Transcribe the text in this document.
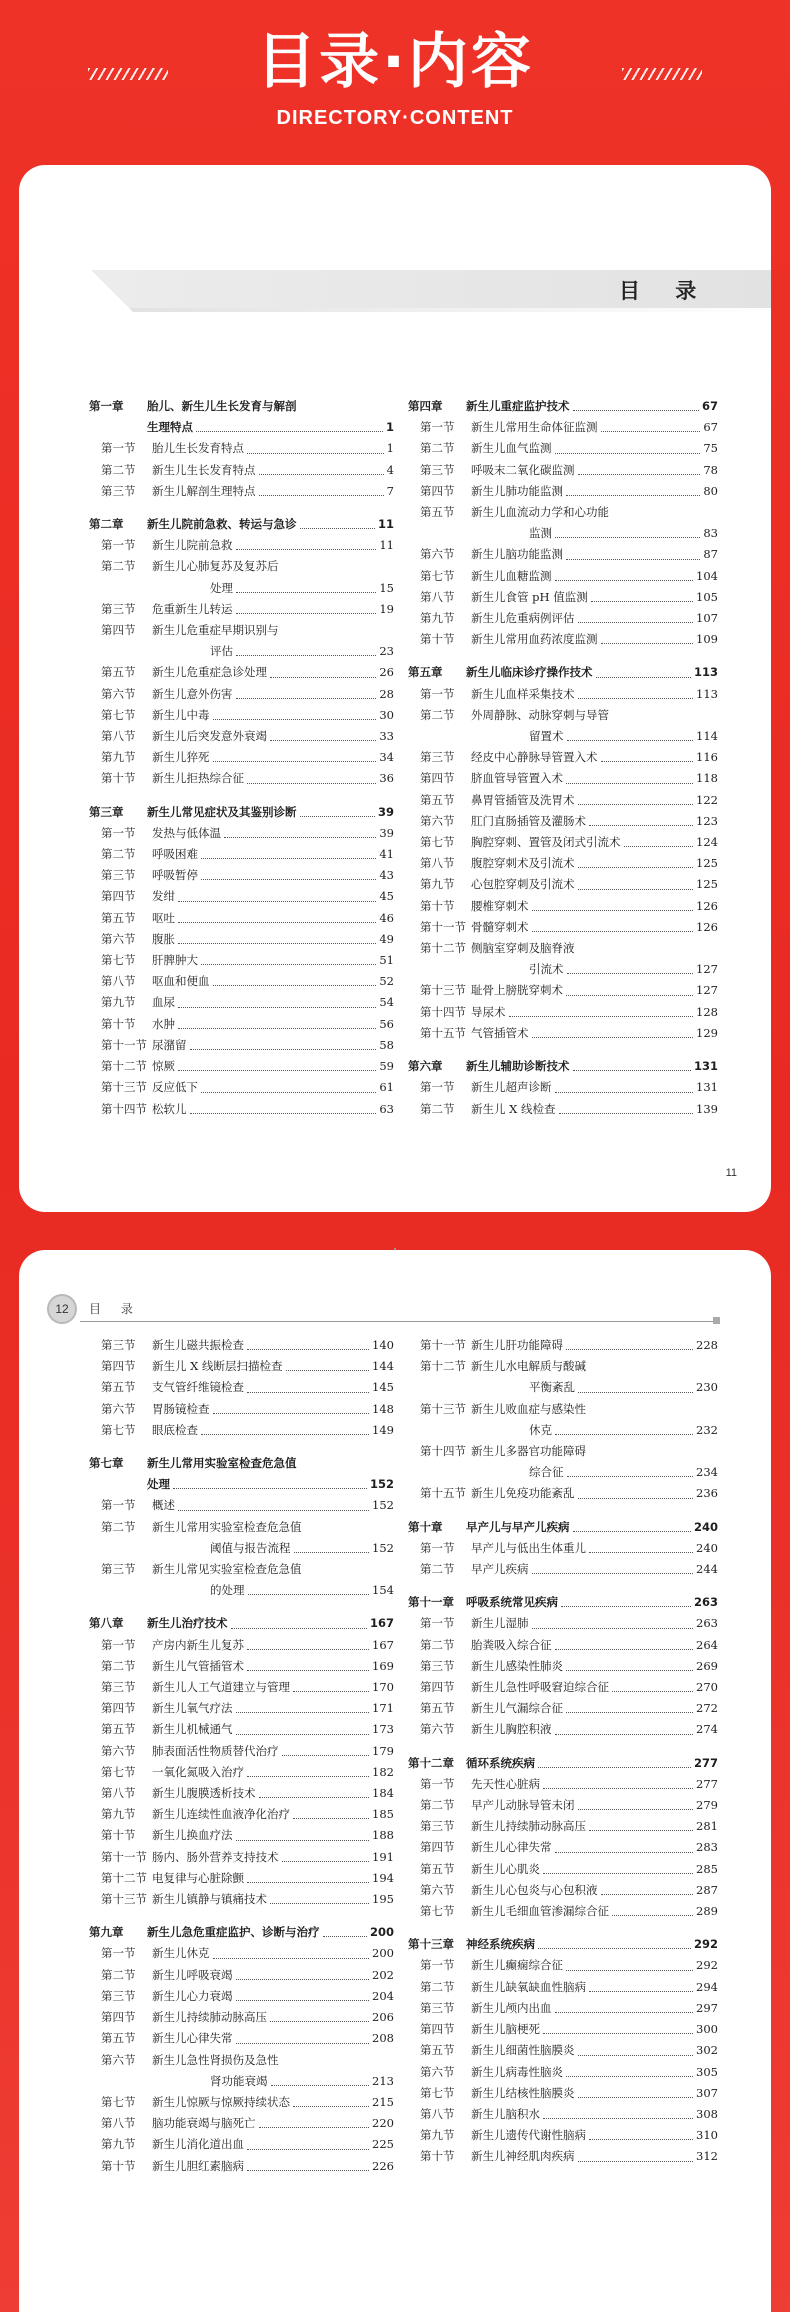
目录·内容
DIRECTORY·CONTENT
目 录
第一章	胎儿、新生儿生长发育与解剖
生理特点	1
第一节	胎儿生长发育特点	1
第二节	新生儿生长发育特点	4
第三节	新生儿解剖生理特点	7
第二章	新生儿院前急救、转运与急诊	11
第一节	新生儿院前急救	11
第二节	新生儿心肺复苏及复苏后
处理	15
第三节	危重新生儿转运	19
第四节	新生儿危重症早期识别与
评估	23
第五节	新生儿危重症急诊处理	26
第六节	新生儿意外伤害	28
第七节	新生儿中毒	30
第八节	新生儿后突发意外衰竭	33
第九节	新生儿猝死	34
第十节	新生儿拒热综合征	36
第三章	新生儿常见症状及其鉴别诊断	39
第一节	发热与低体温	39
第二节	呼吸困难	41
第三节	呼吸暂停	43
第四节	发绀	45
第五节	呕吐	46
第六节	腹胀	49
第七节	肝脾肿大	51
第八节	呕血和便血	52
第九节	血尿	54
第十节	水肿	56
第十一节 尿潴留	58
第十二节 惊厥	59
第十三节 反应低下	61
第十四节 松软儿	63
第四章	新生儿重症监护技术	67
第一节	新生儿常用生命体征监测	67
第二节	新生儿血气监测	75
第三节	呼吸末二氧化碳监测	78
第四节	新生儿肺功能监测	80
第五节	新生儿血流动力学和心功能
监测	83
第六节	新生儿脑功能监测	87
第七节	新生儿血糖监测	104
第八节	新生儿食管 pH 值监测	105
第九节	新生儿危重病例评估	107
第十节	新生儿常用血药浓度监测	109
第五章	新生儿临床诊疗操作技术	113
第一节	新生儿血样采集技术	113
第二节	外周静脉、动脉穿刺与导管
留置术	114
第三节	经皮中心静脉导管置入术	116
第四节	脐血管导管置入术	118
第五节	鼻胃管插管及洗胃术	122
第六节	肛门直肠插管及灌肠术	123
第七节	胸腔穿刺、置管及闭式引流术	124
第八节	腹腔穿刺术及引流术	125
第九节	心包腔穿刺及引流术	125
第十节	腰椎穿刺术	126
第十一节 骨髓穿刺术	126
第十二节 侧脑室穿刺及脑脊液
引流术	127
第十三节 耻骨上膀胱穿刺术	127
第十四节 导尿术	128
第十五节 气管插管术	129
第六章	新生儿辅助诊断技术	131
第一节	新生儿超声诊断	131
第二节	新生儿 X 线检查	139
11
12	目 录
第三节	新生儿磁共振检查	140
第四节	新生儿 X 线断层扫描检查	144
第五节	支气管纤维镜检查	145
第六节	胃肠镜检查	148
第七节	眼底检查	149
第七章	新生儿常用实验室检查危急值
处理	152
第一节	概述	152
第二节	新生儿常用实验室检查危急值
阈值与报告流程	152
第三节	新生儿常见实验室检查危急值
的处理	154
第八章	新生儿治疗技术	167
第一节	产房内新生儿复苏	167
第二节	新生儿气管插管术	169
第三节	新生儿人工气道建立与管理	170
第四节	新生儿氧气疗法	171
第五节	新生儿机械通气	173
第六节	肺表面活性物质替代治疗	179
第七节	一氧化氮吸入治疗	182
第八节	新生儿腹膜透析技术	184
第九节	新生儿连续性血液净化治疗	185
第十节	新生儿换血疗法	188
第十一节 肠内、肠外营养支持技术	191
第十二节 电复律与心脏除颤	194
第十三节 新生儿镇静与镇痛技术	195
第九章	新生儿急危重症监护、诊断与治疗	200
第一节	新生儿休克	200
第二节	新生儿呼吸衰竭	202
第三节	新生儿心力衰竭	204
第四节	新生儿持续肺动脉高压	206
第五节	新生儿心律失常	208
第六节	新生儿急性肾损伤及急性
肾功能衰竭	213
第七节	新生儿惊厥与惊厥持续状态	215
第八节	脑功能衰竭与脑死亡	220
第九节	新生儿消化道出血	225
第十节	新生儿胆红素脑病	226
第十一节 新生儿肝功能障碍	228
第十二节 新生儿水电解质与酸碱
平衡紊乱	230
第十三节 新生儿败血症与感染性
休克	232
第十四节 新生儿多器官功能障碍
综合征	234
第十五节 新生儿免疫功能紊乱	236
第十章	早产儿与早产儿疾病	240
第一节	早产儿与低出生体重儿	240
第二节	早产儿疾病	244
第十一章	呼吸系统常见疾病	263
第一节	新生儿湿肺	263
第二节	胎粪吸入综合征	264
第三节	新生儿感染性肺炎	269
第四节	新生儿急性呼吸窘迫综合征	270
第五节	新生儿气漏综合征	272
第六节	新生儿胸腔积液	274
第十二章	循环系统疾病	277
第一节	先天性心脏病	277
第二节	早产儿动脉导管未闭	279
第三节	新生儿持续肺动脉高压	281
第四节	新生儿心律失常	283
第五节	新生儿心肌炎	285
第六节	新生儿心包炎与心包积液	287
第七节	新生儿毛细血管渗漏综合征	289
第十三章	神经系统疾病	292
第一节	新生儿癫痫综合征	292
第二节	新生儿缺氧缺血性脑病	294
第三节	新生儿颅内出血	297
第四节	新生儿脑梗死	300
第五节	新生儿细菌性脑膜炎	302
第六节	新生儿病毒性脑炎	305
第七节	新生儿结核性脑膜炎	307
第八节	新生儿脑积水	308
第九节	新生儿遗传代谢性脑病	310
第十节	新生儿神经肌肉疾病	312
